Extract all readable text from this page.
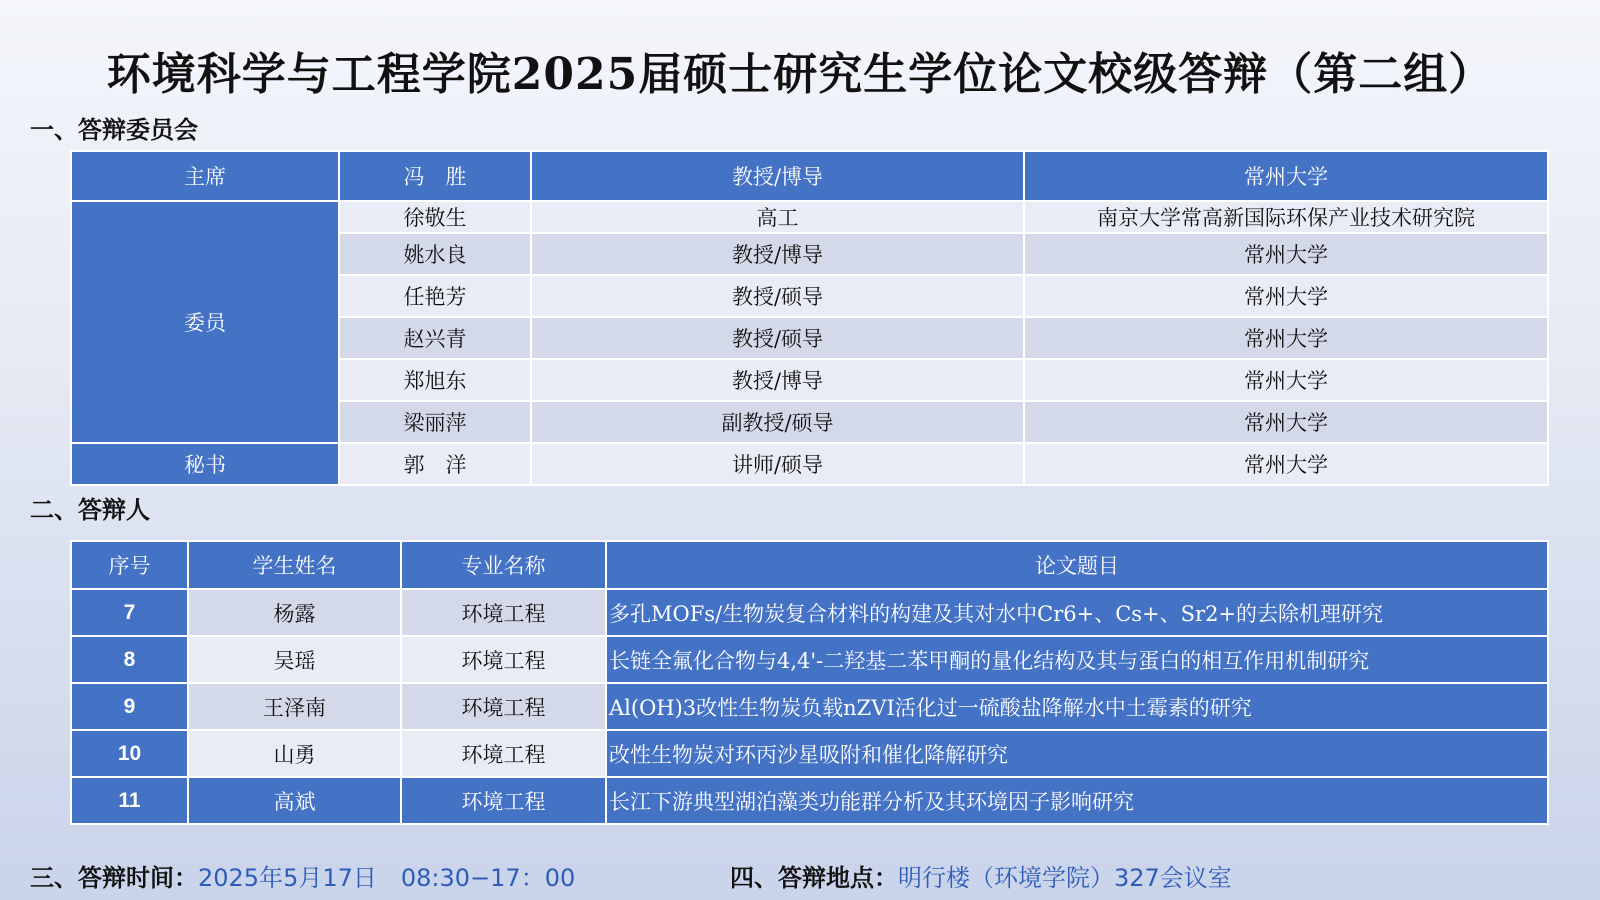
环境科学与工程学院2025届硕士研究生学位论文校级答辩（第二组）
一、答辩委员会
主席	冯　胜	教授/博导	常州大学
委员	徐敬生	高工	南京大学常高新国际环保产业技术研究院
	姚水良	教授/博导	常州大学
	任艳芳	教授/硕导	常州大学
	赵兴青	教授/硕导	常州大学
	郑旭东	教授/博导	常州大学
	梁丽萍	副教授/硕导	常州大学
秘书	郭　洋	讲师/硕导	常州大学
二、答辩人
序号	学生姓名	专业名称	论文题目
7	杨露	环境工程	多孔MOFs/生物炭复合材料的构建及其对水中Cr6+、Cs+、Sr2+的去除机理研究
8	吴瑶	环境工程	长链全氟化合物与4,4'-二羟基二苯甲酮的量化结构及其与蛋白的相互作用机制研究
9	王泽南	环境工程	Al(OH)3改性生物炭负载nZVI活化过一硫酸盐降解水中土霉素的研究
10	山勇	环境工程	改性生物炭对环丙沙星吸附和催化降解研究
11	高斌	环境工程	长江下游典型湖泊藻类功能群分析及其环境因子影响研究
三、答辩时间：2025年5月17日　08:30−17：00	四、答辩地点：明行楼（环境学院）327会议室
